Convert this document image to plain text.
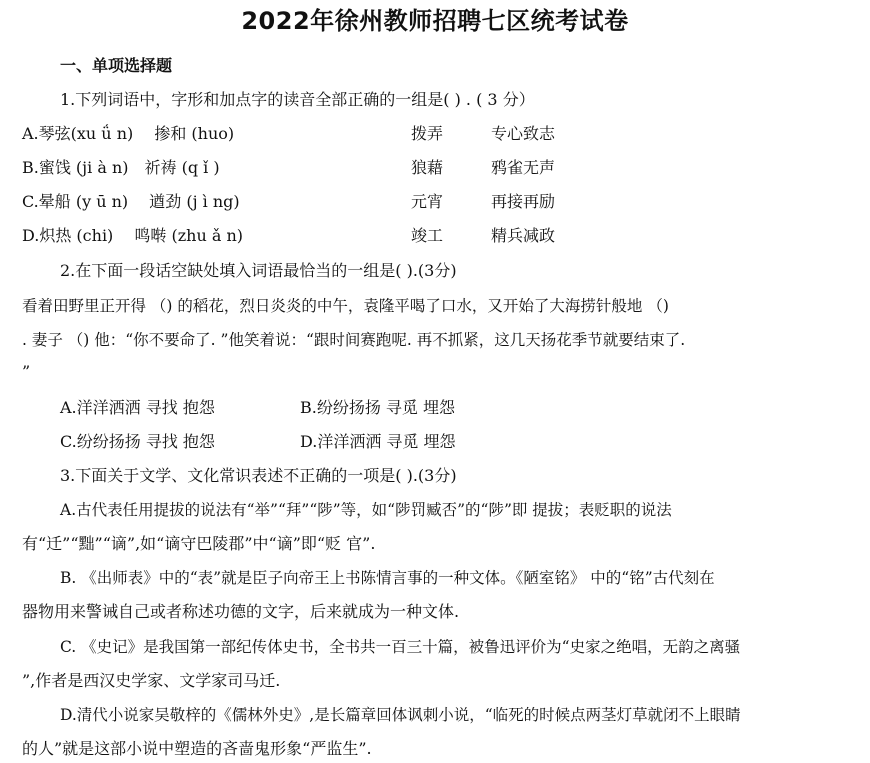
2022年徐州教师招聘七区统考试卷
一、单项选择题
1.下列词语中，字形和加点字的读音全部正确的一组是( ) . ( 3 分）
A.琴弦(xu ǘ n)　 掺和 (huo)	拨弄	专心致志
B.蜜饯 (ji à n)　祈祷 (q ǐ )	狼藉	鸦雀无声
C.晕船 (y ū n)　 遒劲 (j ì ng)	元宵	再接再励
D.炽热 (chi)　 鸣啭 (zhu ǎ n)	竣工	精兵减政
2.在下面一段话空缺处填入词语最恰当的一组是( ).(3分)
看着田野里正开得 （) 的稻花，烈日炎炎的中午，袁隆平喝了口水，又开始了大海捞针般地 （)
. 妻子 （) 他：“你不要命了. ”他笑着说：“跟时间赛跑呢. 再不抓紧，这几天扬花季节就要结束了.
”
A.洋洋洒洒 寻找 抱怨	B.纷纷扬扬 寻觅 埋怨
C.纷纷扬扬 寻找 抱怨	D.洋洋洒洒 寻觅 埋怨
3.下面关于文学、文化常识表述不正确的一项是( ).(3分)
A.古代表任用提拔的说法有“举”“拜”“陟”等，如“陟罚臧否”的“陟”即 提拔；表贬职的说法
有“迁”“黜”“谪”,如“谪守巴陵郡”中“谪”即“贬 官”.
B. 《出师表》中的“表”就是臣子向帝王上书陈情言事的一种文体。《陋室铭》 中的“铭”古代刻在
器物用来警诫自己或者称述功德的文字，后来就成为一种文体.
C. 《史记》是我国第一部纪传体史书，全书共一百三十篇，被鲁迅评价为“史家之绝唱，无韵之离骚
”,作者是西汉史学家、文学家司马迁.
D.清代小说家吴敬梓的《儒林外史》,是长篇章回体讽刺小说，“临死的时候点两茎灯草就闭不上眼睛
的人”就是这部小说中塑造的吝啬鬼形象“严监生”.
